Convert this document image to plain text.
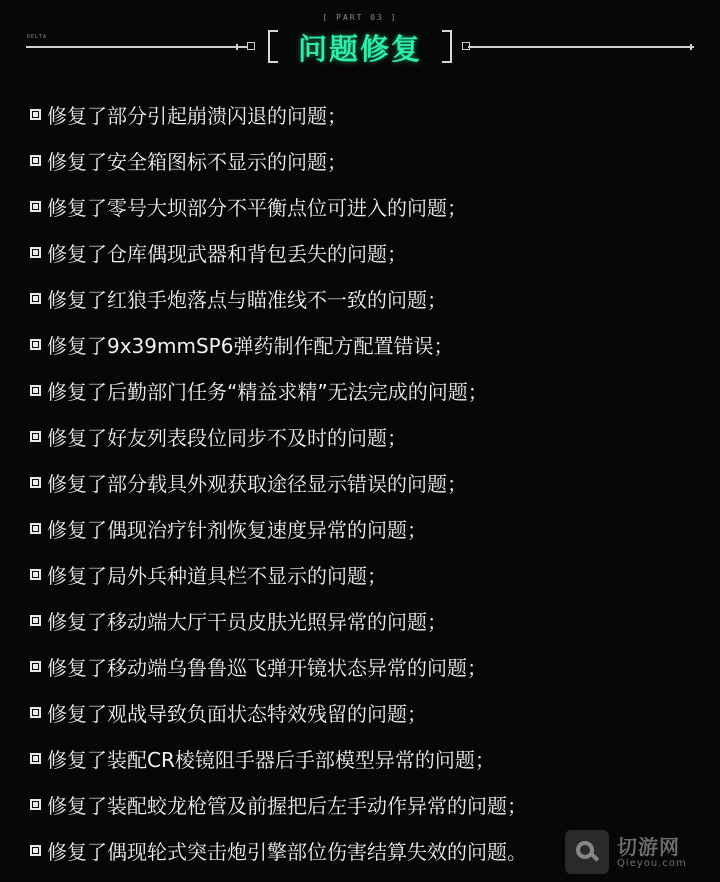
[ PART 03 ]
DELTA	问题修复
修复了部分引起崩溃闪退的问题；
修复了安全箱图标不显示的问题；
修复了零号大坝部分不平衡点位可进入的问题；
修复了仓库偶现武器和背包丢失的问题；
修复了红狼手炮落点与瞄准线不一致的问题；
修复了9x39mmSP6弹药制作配方配置错误；
修复了后勤部门任务“精益求精”无法完成的问题；
修复了好友列表段位同步不及时的问题；
修复了部分载具外观获取途径显示错误的问题；
修复了偶现治疗针剂恢复速度异常的问题；
修复了局外兵种道具栏不显示的问题；
修复了移动端大厅干员皮肤光照异常的问题；
修复了移动端乌鲁鲁巡飞弹开镜状态异常的问题；
修复了观战导致负面状态特效残留的问题；
修复了装配CR棱镜阻手器后手部模型异常的问题；
修复了装配蛟龙枪管及前握把后左手动作异常的问题；
修复了偶现轮式突击炮引擎部位伤害结算失效的问题。	切游网
Qieyou.com
